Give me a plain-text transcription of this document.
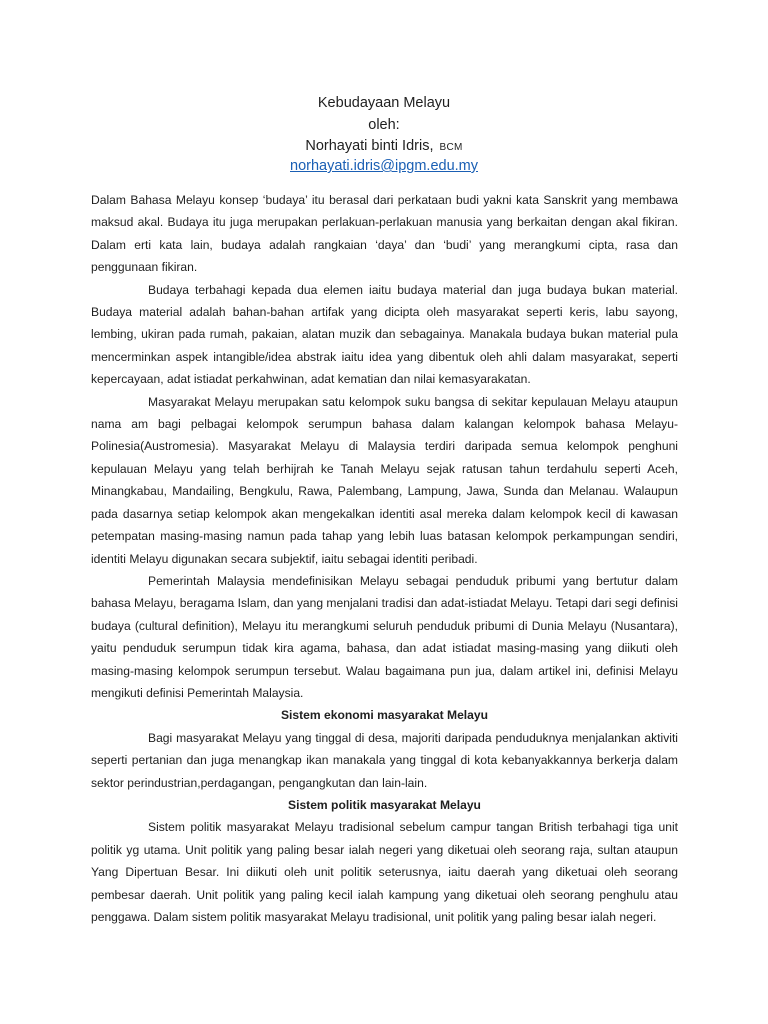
Kebudayaan Melayu
oleh:
Norhayati binti Idris, BCM
norhayati.idris@ipgm.edu.my

Dalam Bahasa Melayu konsep ‘budaya’ itu berasal dari perkataan budi yakni kata Sanskrit yang membawa maksud akal. Budaya itu juga merupakan perlakuan-perlakuan manusia yang berkaitan dengan akal fikiran. Dalam erti kata lain, budaya adalah rangkaian ‘daya’ dan ‘budi’ yang merangkumi cipta, rasa dan penggunaan fikiran.

Budaya terbahagi kepada dua elemen iaitu budaya material dan juga budaya bukan material. Budaya material adalah bahan-bahan artifak yang dicipta oleh masyarakat seperti keris, labu sayong, lembing, ukiran pada rumah, pakaian, alatan muzik dan sebagainya. Manakala budaya bukan material pula mencerminkan aspek intangible/idea abstrak iaitu idea yang dibentuk oleh ahli dalam masyarakat, seperti kepercayaan, adat istiadat perkahwinan, adat kematian dan nilai kemasyarakatan.

Masyarakat Melayu merupakan satu kelompok suku bangsa di sekitar kepulauan Melayu ataupun nama am bagi pelbagai kelompok serumpun bahasa dalam kalangan kelompok bahasa Melayu-Polinesia(Austromesia). Masyarakat Melayu di Malaysia terdiri daripada semua kelompok penghuni kepulauan Melayu yang telah berhijrah ke Tanah Melayu sejak ratusan tahun terdahulu seperti Aceh, Minangkabau, Mandailing, Bengkulu, Rawa, Palembang, Lampung, Jawa, Sunda dan Melanau. Walaupun pada dasarnya setiap kelompok akan mengekalkan identiti asal mereka dalam kelompok kecil di kawasan petempatan masing-masing namun pada tahap yang lebih luas batasan kelompok perkampungan sendiri, identiti Melayu digunakan secara subjektif, iaitu sebagai identiti peribadi.

Pemerintah Malaysia mendefinisikan Melayu sebagai penduduk pribumi yang bertutur dalam bahasa Melayu, beragama Islam, dan yang menjalani tradisi dan adat-istiadat Melayu. Tetapi dari segi definisi budaya (cultural definition), Melayu itu merangkumi seluruh penduduk pribumi di Dunia Melayu (Nusantara), yaitu penduduk serumpun tidak kira agama, bahasa, dan adat istiadat masing-masing yang diikuti oleh masing-masing kelompok serumpun tersebut. Walau bagaimana pun jua, dalam artikel ini, definisi Melayu mengikuti definisi Pemerintah Malaysia.

Sistem ekonomi masyarakat Melayu

Bagi masyarakat Melayu yang tinggal di desa, majoriti daripada penduduknya menjalankan aktiviti seperti pertanian dan juga menangkap ikan manakala yang tinggal di kota kebanyakkannya berkerja dalam sektor perindustrian,perdagangan, pengangkutan dan lain-lain.

Sistem politik masyarakat Melayu

Sistem politik masyarakat Melayu tradisional sebelum campur tangan British terbahagi tiga unit politik yg utama. Unit politik yang paling besar ialah negeri yang diketuai oleh seorang raja, sultan ataupun Yang Dipertuan Besar. Ini diikuti oleh unit politik seterusnya, iaitu daerah yang diketuai oleh seorang pembesar daerah. Unit politik yang paling kecil ialah kampung yang diketuai oleh seorang penghulu atau penggawa. Dalam sistem politik masyarakat Melayu tradisional, unit politik yang paling besar ialah negeri.
